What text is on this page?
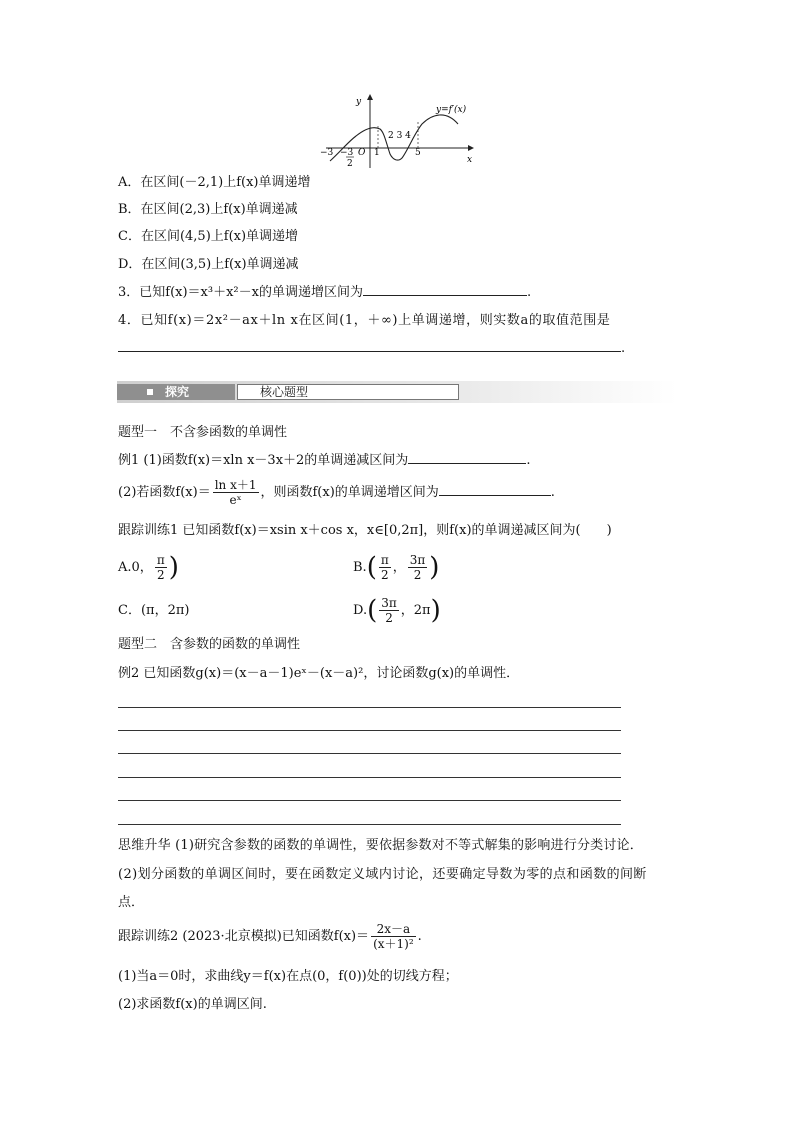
y
x
y=f′(x)
−3 −3
2
O 1
2 3 4
5
A．在区间(－2,1)上f(x)单调递增
B．在区间(2,3)上f(x)单调递减
C．在区间(4,5)上f(x)单调递增
D．在区间(3,5)上f(x)单调递减
3．已知f(x)＝x³＋x²－x的单调递增区间为	.
4．已知f(x)＝2x²－ax＋ln x在区间(1，＋∞)上单调递增，则实数a的取值范围是
.
探究	核心题型
题型一　不含参函数的单调性
例1 (1)函数f(x)＝xln x－3x＋2的单调递减区间为	.
(2)若函数$f(x)= \frac{\text{ln x＋1}}{\text{eˣ}}$ ，则函数f(x)的单调递增区间为	.
跟踪训练1 已知函数f(x)＝xsin x＋cos x，x∈[0,2π]，则f(x)的单调递减区间为(　　)
A.0， $\frac{\pi}{2}$ )	$B.( \frac{\pi}{2}$ ， $\frac{3\pi}{2}$ )
C．(π，2π)	$D.( \frac{3\pi}{2}$ ，2π)
题型二　含参数的函数的单调性
例2 已知函数g(x)＝(x－a－1)eˣ－(x－a)²，讨论函数g(x)的单调性．
思维升华 (1)研究含参数的函数的单调性，要依据参数对不等式解集的影响进行分类讨论．
(2)划分函数的单调区间时，要在函数定义域内讨论，还要确定导数为零的点和函数的间断
点．
跟踪训练2 (2023·北京模拟)已知函数$f(x)= \frac{2x-a}{\text{(x＋1)²}}$ .
(1)当a＝0时，求曲线y＝f(x)在点(0，f(0))处的切线方程；
(2)求函数f(x)的单调区间.
